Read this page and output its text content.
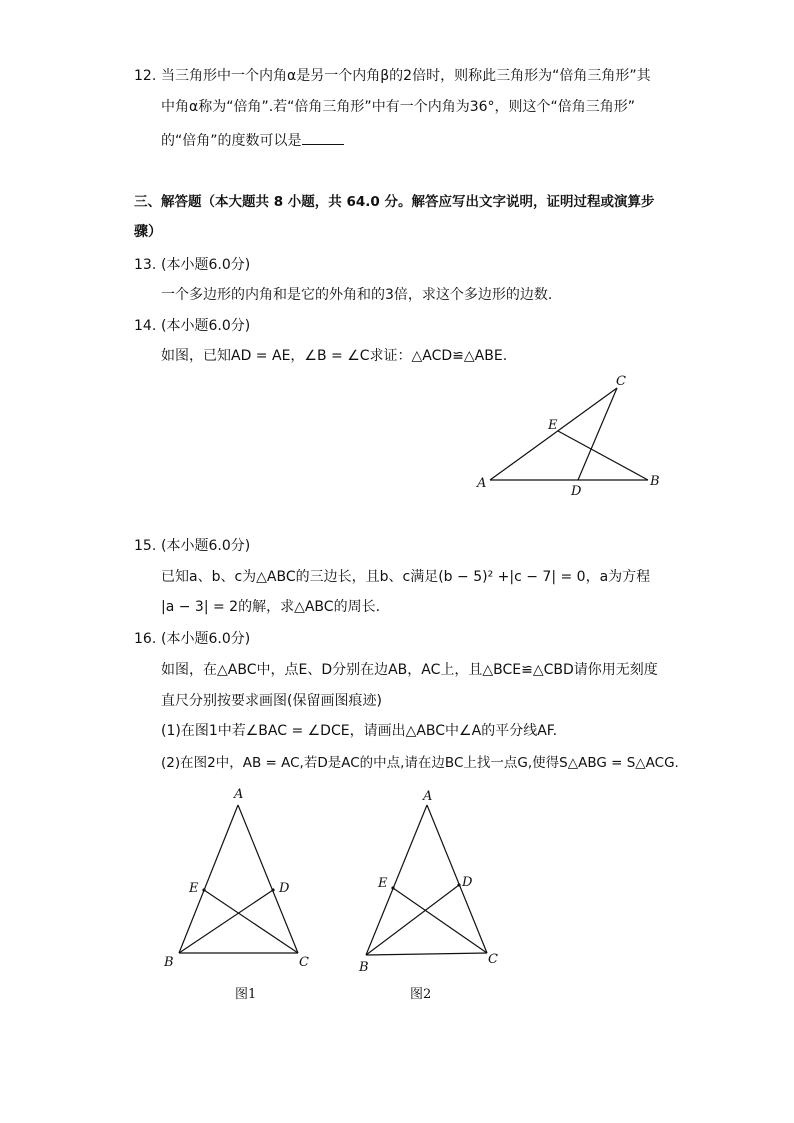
12. 当三角形中一个内角α是另一个内角β的2倍时，则称此三角形为“倍角三角形”其
中角α称为“倍角”.若“倍角三角形”中有一个内角为36°，则这个“倍角三角形”
的“倍角”的度数可以是
三、解答题（本大题共 8 小题，共 64.0 分。解答应写出文字说明，证明过程或演算步
骤）
13. (本小题6.0分)
一个多边形的内角和是它的外角和的3倍，求这个多边形的边数.
14. (本小题6.0分)
如图，已知AD = AE，∠B = ∠C求证：△ACD≌△ABE.
A	B
C
D
E
15. (本小题6.0分)
已知a、b、c为△ABC的三边长，且b、c满足(b − 5)² +|c − 7| = 0，a为方程
|a − 3| = 2的解，求△ABC的周长.
16. (本小题6.0分)
如图，在△ABC中，点E、D分别在边AB，AC上，且△BCE≌△CBD请你用无刻度
直尺分别按要求画图(保留画图痕迹)
(1)在图1中若∠BAC = ∠DCE，请画出△ABC中∠A的平分线AF.
(2)在图2中，AB = AC,若D是AC的中点,请在边BC上找一点G,使得S△ABG = S△ACG.
A
B	C
D
E
图1
A
B
C
D
E
图2
